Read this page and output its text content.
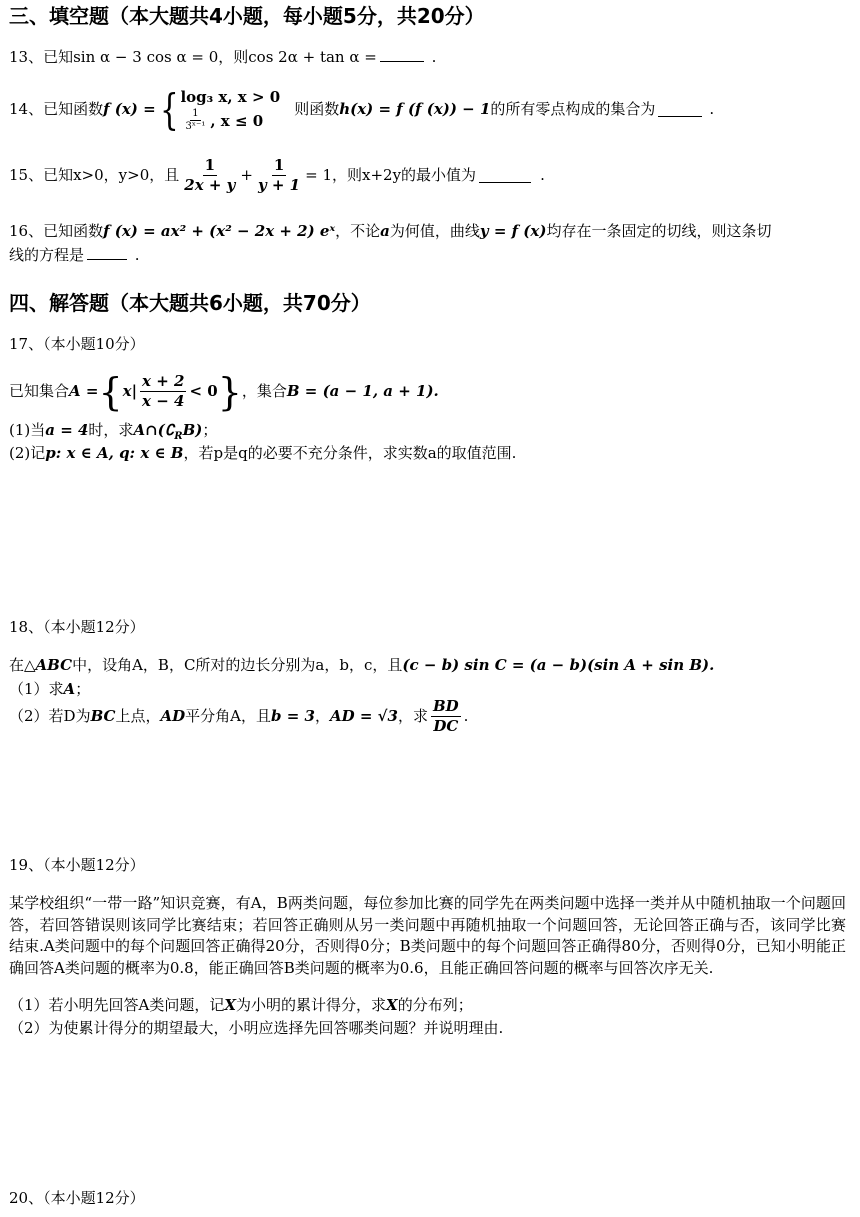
三、填空题（本大题共4小题，每小题5分，共20分）
13、已知sin α − 3 cos α = 0，则cos 2α + tan α =	.
14、已知函数 f (x) = { log₃ x, x > 0
$\frac{1}{\text{3ˣ⁻¹}}$ , x ≤ 0
则函数 h(x) = f (f (x)) − 1 的所有零点构成的集合为	.
15、已知 x>0，y>0，且 $\frac{1}{2x + y} + \frac{1}{y + 1} = 1$ ，则x+2y的最小值为	.
16、已知函数f (x) = ax² + (x² − 2x + 2) eˣ，不论a为何值，曲线y = f (x)均存在一条固定的切线，则这条切
线的方程是	.
四、解答题（本大题共6小题，共70分）
17、（本小题10分）
已知集合 A = { $x| \frac{x + 2}{x - 4} < 0$ } ，集合 B = (a − 1, a + 1).
(1)当a = 4时，求$A\cap(∁_RB)$；
(2)记p: x ∈ A, q: x ∈ B，若p是q的必要不充分条件，求实数a的取值范围.
18、（本小题12分）
在△ABC中，设角A，B，C所对的边长分别为a，b，c，且(c − b) sin C = (a − b)(sin A + sin B).
（1）求A；
（2）若D为 BC 上点， AD 平分角A，且 b = 3 ， AD = √3 ，求 $\frac{BD}{DC}$ .
19、（本小题12分）
某学校组织“一带一路”知识竞赛，有A，B两类问题，每位参加比赛的同学先在两类问题中选择一类并从中随机抽取一个问题回答，若回答错误则该同学比赛结束；若回答正确则从另一类问题中再随机抽取一个问题回答，无论回答正确与否，该同学比赛结束.A类问题中的每个问题回答正确得20分，否则得0分；B类问题中的每个问题回答正确得80分，否则得0分，已知小明能正确回答A类问题的概率为0.8，能正确回答B类问题的概率为0.6，且能正确回答问题的概率与回答次序无关.
（1）若小明先回答A类问题，记X为小明的累计得分，求X的分布列；
（2）为使累计得分的期望最大，小明应选择先回答哪类问题？并说明理由.
20、（本小题12分）
